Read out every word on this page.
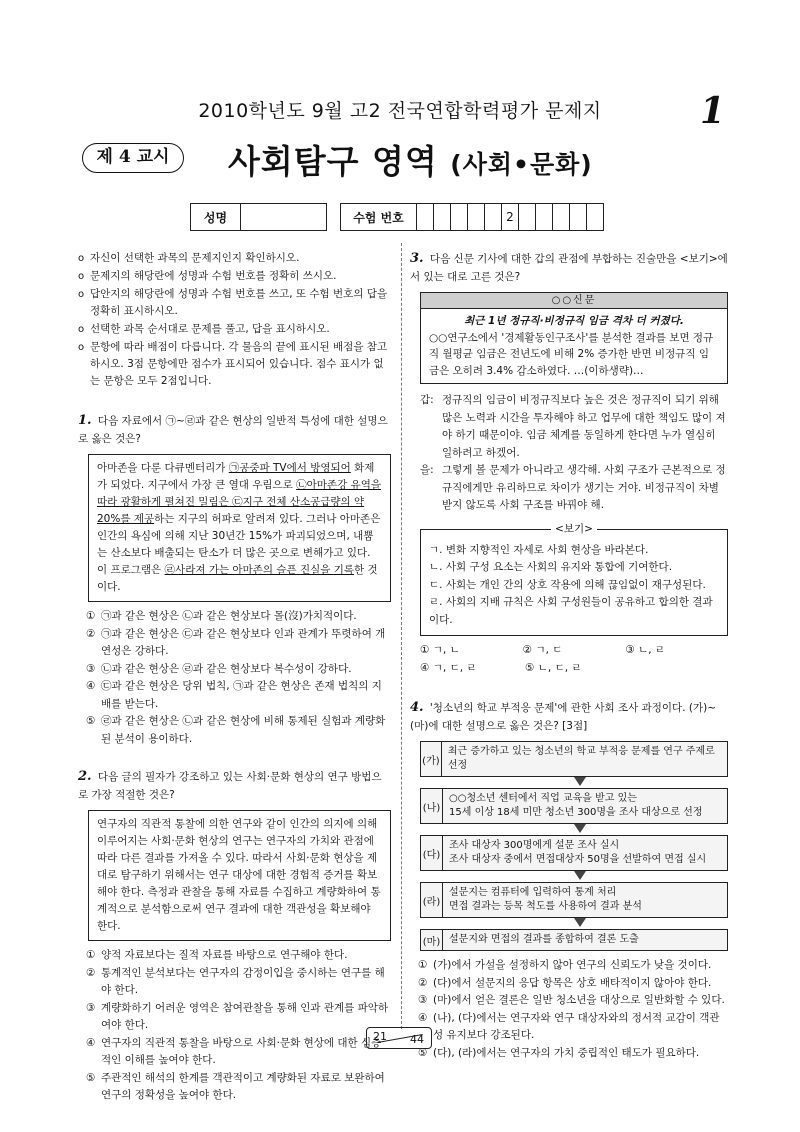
2010학년도 9월 고2 전국연합학력평가 문제지	1
제 4 교시	사회탐구 영역 (사회•문화)
성명			수험 번호						2					
o 자신이 선택한 과목의 문제지인지 확인하시오.
o 문제지의 해당란에 성명과 수험 번호를 정확히 쓰시오.
o 답안지의 해당란에 성명과 수험 번호를 쓰고, 또 수험 번호의 답을 정확히 표시하시오.
o 선택한 과목 순서대로 문제를 풀고, 답을 표시하시오.
o 문항에 따라 배점이 다릅니다. 각 물음의 끝에 표시된 배점을 참고하시오. 3점 문항에만 점수가 표시되어 있습니다. 점수 표시가 없는 문항은 모두 2점입니다.
1. 다음 자료에서 ㉠~㉣과 같은 현상의 일반적 특성에 대한 설명으로 옳은 것은?
아마존을 다룬 다큐멘터리가 ㉠공중파 TV에서 방영되어 화제가 되었다. 지구에서 가장 큰 열대 우림으로 ㉡아마존강 유역을 따라 광활하게 펼쳐진 밀림은 ㉢지구 전체 산소공급량의 약 20%를 제공하는 지구의 허파로 알려져 있다. 그러나 아마존은 인간의 욕심에 의해 지난 30년간 15%가 파괴되었으며, 내뿜는 산소보다 배출되는 탄소가 더 많은 곳으로 변해가고 있다. 이 프로그램은 ㉣사라져 가는 아마존의 슬픈 진실을 기록한 것이다.
① ㉠과 같은 현상은 ㉡과 같은 현상보다 몰(沒)가치적이다.
② ㉠과 같은 현상은 ㉢과 같은 현상보다 인과 관계가 뚜렷하여 개연성은 강하다.
③ ㉡과 같은 현상은 ㉣과 같은 현상보다 복수성이 강하다.
④ ㉢과 같은 현상은 당위 법칙, ㉠과 같은 현상은 존재 법칙의 지배를 받는다.
⑤ ㉣과 같은 현상은 ㉡과 같은 현상에 비해 통제된 실험과 계량화된 분석이 용이하다.
2. 다음 글의 필자가 강조하고 있는 사회·문화 현상의 연구 방법으로 가장 적절한 것은?
연구자의 직관적 통찰에 의한 연구와 같이 인간의 의지에 의해 이루어지는 사회·문화 현상의 연구는 연구자의 가치와 관점에 따라 다른 결과를 가져올 수 있다. 따라서 사회·문화 현상을 제대로 탐구하기 위해서는 연구 대상에 대한 경험적 증거를 확보해야 한다. 측정과 관찰을 통해 자료를 수집하고 계량화하여 통계적으로 분석함으로써 연구 결과에 대한 객관성을 확보해야 한다.
① 양적 자료보다는 질적 자료를 바탕으로 연구해야 한다.
② 통계적인 분석보다는 연구자의 감정이입을 중시하는 연구를 해야 한다.
③ 계량화하기 어려운 영역은 참여관찰을 통해 인과 관계를 파악하여야 한다.
④ 연구자의 직관적 통찰을 바탕으로 사회·문화 현상에 대한 심층적인 이해를 높여야 한다.
⑤ 주관적인 해석의 한계를 객관적이고 계량화된 자료로 보완하여 연구의 정확성을 높여야 한다.
3. 다음 신문 기사에 대한 갑의 관점에 부합하는 진술만을 <보기>에서 있는 대로 고른 것은?
○○신문
최근 1년 정규직·비정규직 임금 격차 더 커졌다.
○○연구소에서 '경제활동인구조사'를 분석한 결과를 보면 정규직 월평균 임금은 전년도에 비해 2% 증가한 반면 비정규직 임금은 오히려 3.4% 감소하였다. …(이하생략)…
갑: 정규직의 임금이 비정규직보다 높은 것은 정규직이 되기 위해 많은 노력과 시간을 투자해야 하고 업무에 대한 책임도 많이 져야 하기 때문이야. 임금 체계를 동일하게 한다면 누가 열심히 일하려고 하겠어.
을: 그렇게 볼 문제가 아니라고 생각해. 사회 구조가 근본적으로 정규직에게만 유리하므로 차이가 생기는 거야. 비정규직이 차별받지 않도록 사회 구조를 바꿔야 해.
<보기>
ㄱ. 변화 지향적인 자세로 사회 현상을 바라본다.
ㄴ. 사회 구성 요소는 사회의 유지와 통합에 기여한다.
ㄷ. 사회는 개인 간의 상호 작용에 의해 끊임없이 재구성된다.
ㄹ. 사회의 지배 규칙은 사회 구성원들이 공유하고 합의한 결과이다.
① ㄱ, ㄴ	② ㄱ, ㄷ	③ ㄴ, ㄹ
④ ㄱ, ㄷ, ㄹ	⑤ ㄴ, ㄷ, ㄹ
4. '청소년의 학교 부적응 문제'에 관한 사회 조사 과정이다. (가)~(마)에 대한 설명으로 옳은 것은? [3점]
(가)
최근 증가하고 있는 청소년의 학교 부적응 문제를 연구 주제로 선정
(나)
○○청소년 센터에서 직업 교육을 받고 있는
15세 이상 18세 미만 청소년 300명을 조사 대상으로 선정
(다)
조사 대상자 300명에게 설문 조사 실시
조사 대상자 중에서 면접대상자 50명을 선발하여 면접 실시
(라)
설문지는 컴퓨터에 입력하여 통계 처리
면접 결과는 등목 척도를 사용하여 결과 분석
(마) 설문지와 면접의 결과를 종합하여 결론 도출
① (가)에서 가설을 설정하지 않아 연구의 신뢰도가 낮을 것이다.
② (다)에서 설문지의 응답 항목은 상호 배타적이지 않아야 한다.
③ (마)에서 얻은 결론은 일반 청소년을 대상으로 일반화할 수 있다.
④ (나), (다)에서는 연구자와 연구 대상자와의 정서적 교감이 객관성 유지보다 강조된다.
⑤ (다), (라)에서는 연구자의 가치 중립적인 태도가 필요하다.
21 44
